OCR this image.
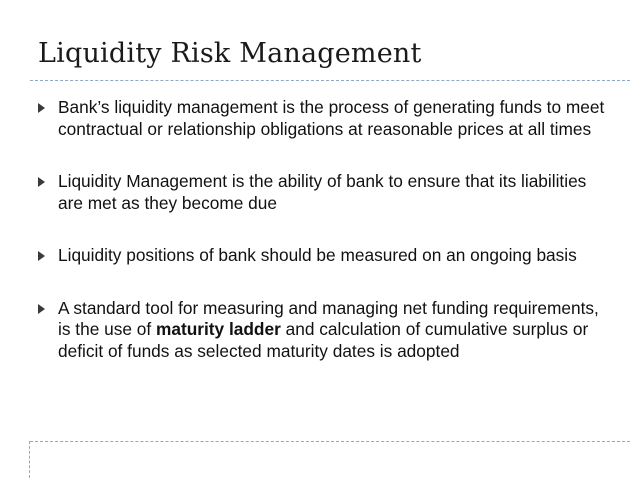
Liquidity Risk Management
Bank’s liquidity management is the process of generating funds to meet contractual or relationship obligations at reasonable prices at all times
Liquidity Management is the ability of bank to ensure that its liabilities are met as they become due
Liquidity positions of bank should be measured on an ongoing basis
A standard tool for measuring and managing net funding requirements, is the use of maturity ladder and calculation of cumulative surplus or deficit of funds as selected maturity dates is adopted
